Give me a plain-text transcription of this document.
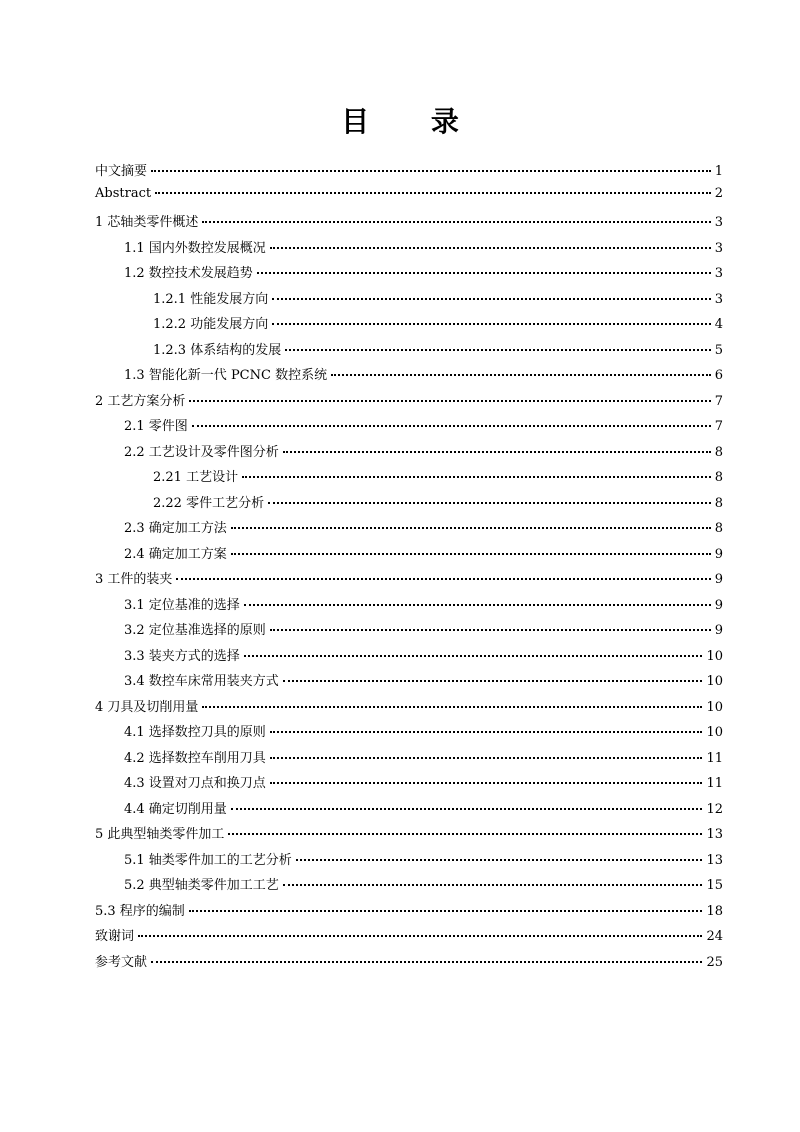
目 录
中文摘要	1
Abstract	2
1 芯轴类零件概述	3
1.1 国内外数控发展概况	3
1.2 数控技术发展趋势	3
1.2.1 性能发展方向	3
1.2.2 功能发展方向	4
1.2.3 体系结构的发展	5
1.3 智能化新一代 PCNC 数控系统	6
2 工艺方案分析	7
2.1 零件图	7
2.2 工艺设计及零件图分析	8
2.21 工艺设计	8
2.22 零件工艺分析	8
2.3 确定加工方法	8
2.4 确定加工方案	9
3 工件的装夹	9
3.1 定位基准的选择	9
3.2 定位基准选择的原则	9
3.3 装夹方式的选择	10
3.4 数控车床常用装夹方式	10
4 刀具及切削用量	10
4.1 选择数控刀具的原则	10
4.2 选择数控车削用刀具	11
4.3 设置对刀点和换刀点	11
4.4 确定切削用量	12
5 此典型轴类零件加工	13
5.1 轴类零件加工的工艺分析	13
5.2 典型轴类零件加工工艺	15
5.3 程序的编制	18
致谢词	24
参考文献	25
